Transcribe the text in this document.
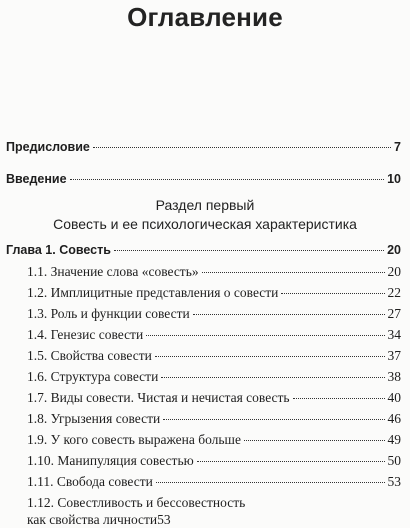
Оглавление
Предисловие	7
Введение	10
Раздел первый
Совесть и ее психологическая характеристика
Глава 1. Совесть	20
1.1. Значение слова «совесть»	20
1.2. Имплицитные представления о совести	22
1.3. Роль и функции совести	27
1.4. Генезис совести	34
1.5. Свойства совести	37
1.6. Структура совести	38
1.7. Виды совести. Чистая и нечистая совесть	40
1.8. Угрызения совести	46
1.9. У кого совесть выражена больше	49
1.10. Манипуляция совестью	50
1.11. Свобода совести	53
1.12. Совестливость и бессовестность
как свойства личности 53
